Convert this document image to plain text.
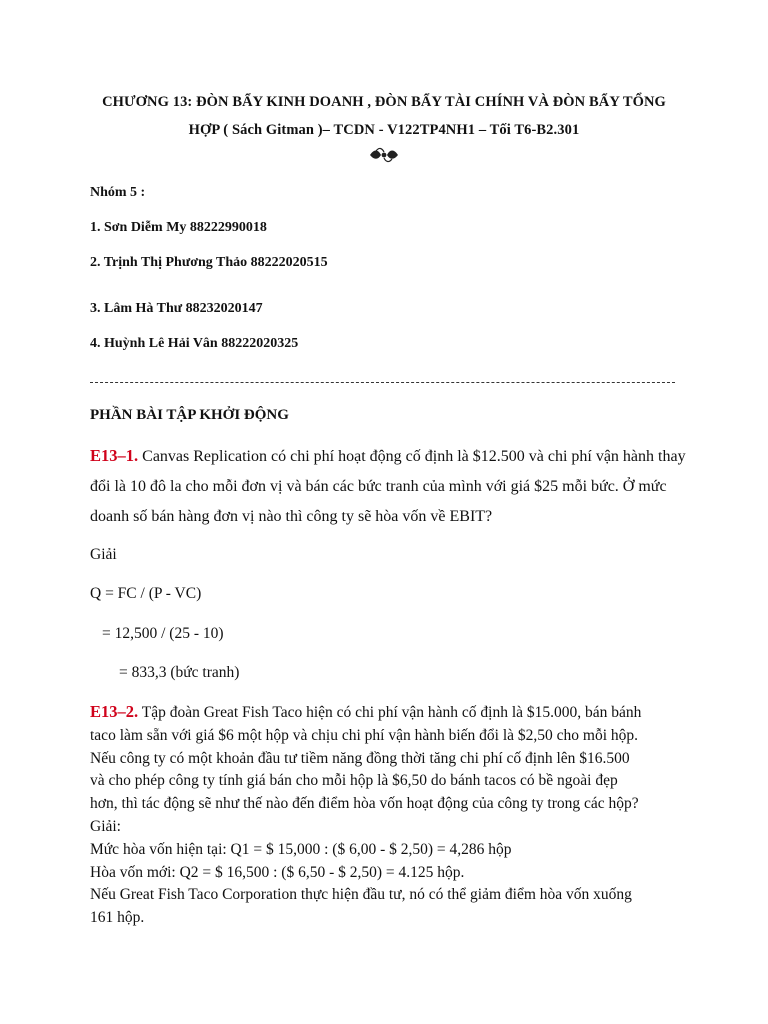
CHƯƠNG 13: ĐÒN BẨY KINH DOANH , ĐÒN BẨY TÀI CHÍNH VÀ ĐÒN BẨY TỔNG
HỢP ( Sách Gitman )– TCDN - V122TP4NH1 – Tối T6-B2.301
Nhóm 5 :
1. Sơn Diễm My 88222990018
2. Trịnh Thị Phương Thảo 88222020515
3. Lâm Hà Thư 88232020147
4. Huỳnh Lê Hải Vân 88222020325
PHẦN BÀI TẬP KHỞI ĐỘNG
E13–1. Canvas Replication có chi phí hoạt động cố định là $12.500 và chi phí vận hành thay đổi là 10 đô la cho mỗi đơn vị và bán các bức tranh của mình với giá $25 mỗi bức. Ở mức doanh số bán hàng đơn vị nào thì công ty sẽ hòa vốn về EBIT?
Giải
Q = FC / (P - VC)
= 12,500 / (25 - 10)
= 833,3 (bức tranh)
E13–2. Tập đoàn Great Fish Taco hiện có chi phí vận hành cố định là $15.000, bán bánh
taco làm sẵn với giá $6 một hộp và chịu chi phí vận hành biến đổi là $2,50 cho mỗi hộp.
Nếu công ty có một khoản đầu tư tiềm năng đồng thời tăng chi phí cố định lên $16.500
và cho phép công ty tính giá bán cho mỗi hộp là $6,50 do bánh tacos có bề ngoài đẹp
hơn, thì tác động sẽ như thế nào đến điểm hòa vốn hoạt động của công ty trong các hộp?
Giải:
Mức hòa vốn hiện tại: Q1 = $ 15,000 : ($ 6,00 - $ 2,50) = 4,286 hộp
Hòa vốn mới: Q2 = $ 16,500 : ($ 6,50 - $ 2,50) = 4.125 hộp.
Nếu Great Fish Taco Corporation thực hiện đầu tư, nó có thể giảm điểm hòa vốn xuống
161 hộp.
